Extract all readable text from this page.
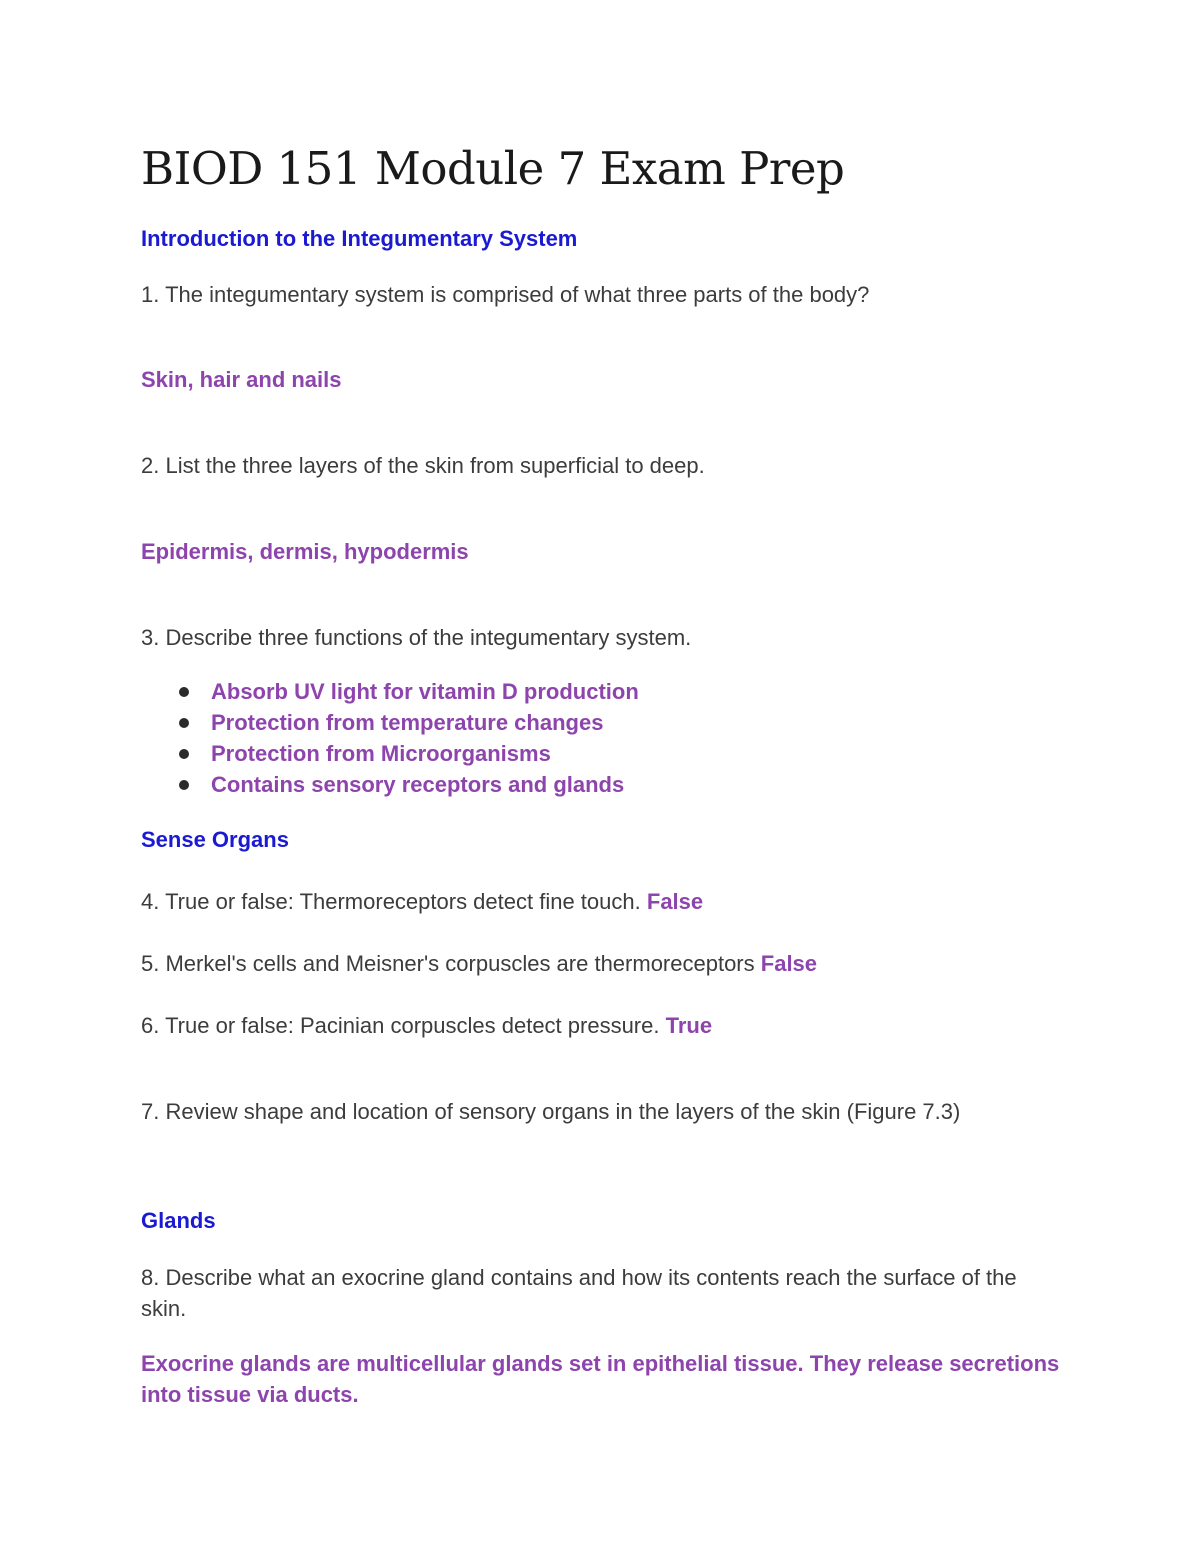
BIOD 151 Module 7 Exam Prep
Introduction to the Integumentary System
1. The integumentary system is comprised of what three parts of the body?
Skin, hair and nails
2. List the three layers of the skin from superficial to deep.
Epidermis, dermis, hypodermis
3. Describe three functions of the integumentary system.
Absorb UV light for vitamin D production
Protection from temperature changes
Protection from Microorganisms
Contains sensory receptors and glands
Sense Organs
4. True or false: Thermoreceptors detect fine touch. False
5. Merkel's cells and Meisner's corpuscles are thermoreceptors False
6. True or false: Pacinian corpuscles detect pressure. True
7. Review shape and location of sensory organs in the layers of the skin (Figure 7.3)
Glands
8. Describe what an exocrine gland contains and how its contents reach the surface of the skin.
Exocrine glands are multicellular glands set in epithelial tissue. They release secretions into tissue via ducts.
